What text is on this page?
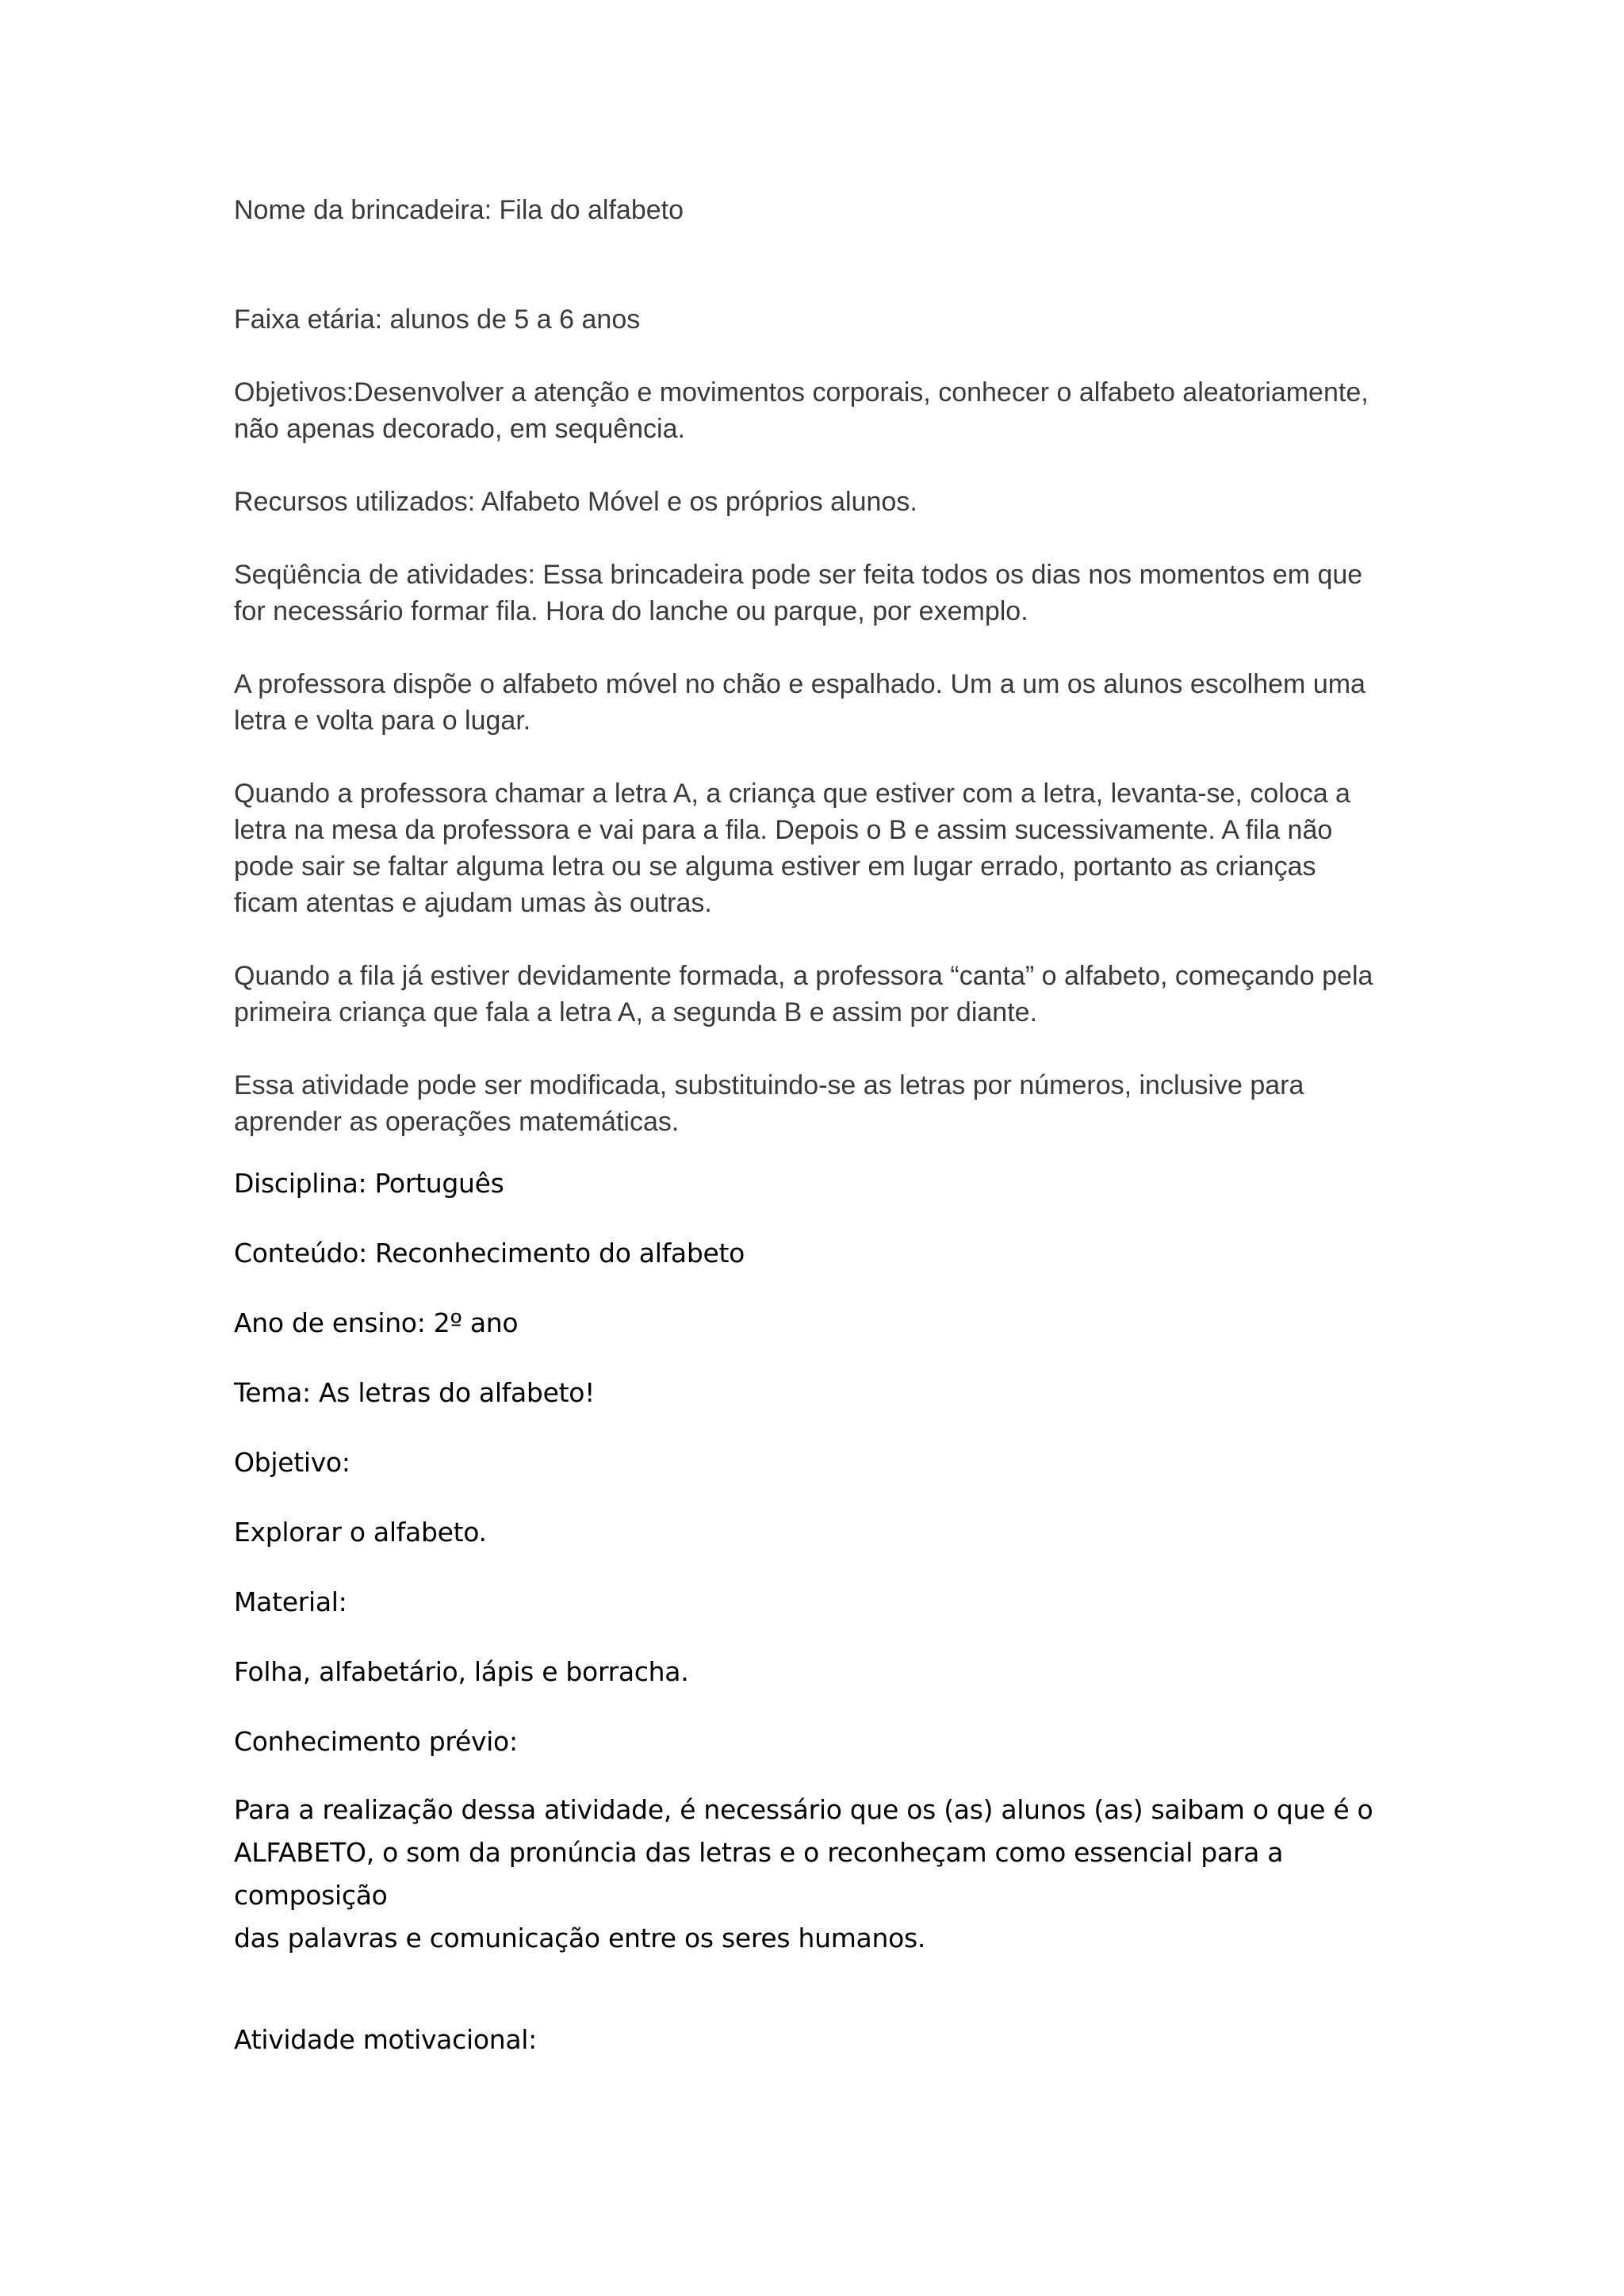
Nome da brincadeira: Fila do alfabeto

Faixa etária: alunos de 5 a 6 anos

Objetivos:Desenvolver a atenção e movimentos corporais, conhecer o alfabeto aleatoriamente,
não apenas decorado, em sequência.

Recursos utilizados: Alfabeto Móvel e os próprios alunos.

Seqüência de atividades: Essa brincadeira pode ser feita todos os dias nos momentos em que
for necessário formar fila. Hora do lanche ou parque, por exemplo.

A professora dispõe o alfabeto móvel no chão e espalhado. Um a um os alunos escolhem uma
letra e volta para o lugar.

Quando a professora chamar a letra A, a criança que estiver com a letra, levanta-se, coloca a
letra na mesa da professora e vai para a fila. Depois o B e assim sucessivamente. A fila não
pode sair se faltar alguma letra ou se alguma estiver em lugar errado, portanto as crianças
ficam atentas e ajudam umas às outras.

Quando a fila já estiver devidamente formada, a professora “canta” o alfabeto, começando pela
primeira criança que fala a letra A, a segunda B e assim por diante.

Essa atividade pode ser modificada, substituindo-se as letras por números, inclusive para
aprender as operações matemáticas.

Disciplina: Português

Conteúdo: Reconhecimento do alfabeto

Ano de ensino: 2º ano

Tema: As letras do alfabeto!

Objetivo:

Explorar o alfabeto.

Material:

Folha, alfabetário, lápis e borracha.

Conhecimento prévio:

Para a realização dessa atividade, é necessário que os (as) alunos (as) saibam o que é o
ALFABETO, o som da pronúncia das letras e o reconheçam como essencial para a composição
das palavras e comunicação entre os seres humanos.

Atividade motivacional:
